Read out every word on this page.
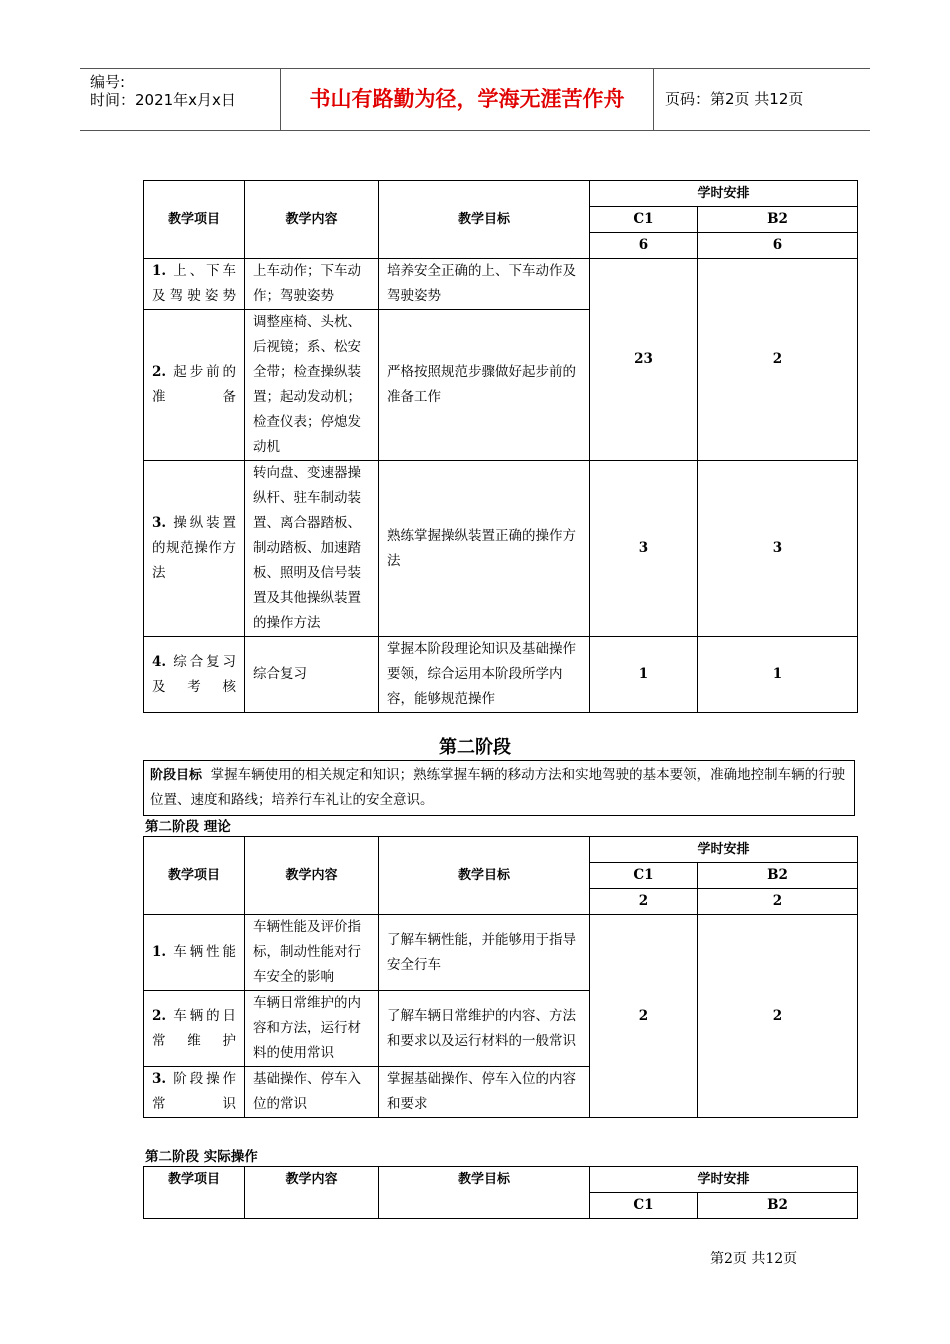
编号:
时间：2021年x月x日	书山有路勤为径，学海无涯苦作舟	页码：第2页 共12页
教学项目	教学内容	教学目标	学时安排	
			C1	B2
			6	6
1. 上、下车及驾驶姿势	上车动作；下车动作；驾驶姿势	培养安全正确的上、下车动作及驾驶姿势	23	2
2. 起步前的准备	调整座椅、头枕、后视镜；系、松安全带；检查操纵装置；起动发动机；检查仪表；停熄发动机	严格按照规范步骤做好起步前的准备工作		
3. 操纵装置的规范操作方法	转向盘、变速器操纵杆、驻车制动装置、离合器踏板、制动踏板、加速踏板、照明及信号装置及其他操纵装置的操作方法	熟练掌握操纵装置正确的操作方法	3	3
4. 综合复习及考核	综合复习	掌握本阶段理论知识及基础操作要领，综合运用本阶段所学内容，能够规范操作	1	1
第二阶段
阶段目标 掌握车辆使用的相关规定和知识；熟练掌握车辆的移动方法和实地驾驶的基本要领，准确地控制车辆的行驶位置、速度和路线；培养行车礼让的安全意识。
第二阶段 理论
教学项目	教学内容	教学目标	学时安排	
			C1	B2
			2	2
1. 车辆性能	车辆性能及评价指标，制动性能对行车安全的影响	了解车辆性能，并能够用于指导安全行车	2	2
2. 车辆的日常维护	车辆日常维护的内容和方法，运行材料的使用常识	了解车辆日常维护的内容、方法和要求以及运行材料的一般常识		
3. 阶段操作常识	基础操作、停车入位的常识	掌握基础操作、停车入位的内容和要求		
第二阶段 实际操作
教学项目	教学内容	教学目标	学时安排	
			C1	B2
第2页 共12页
